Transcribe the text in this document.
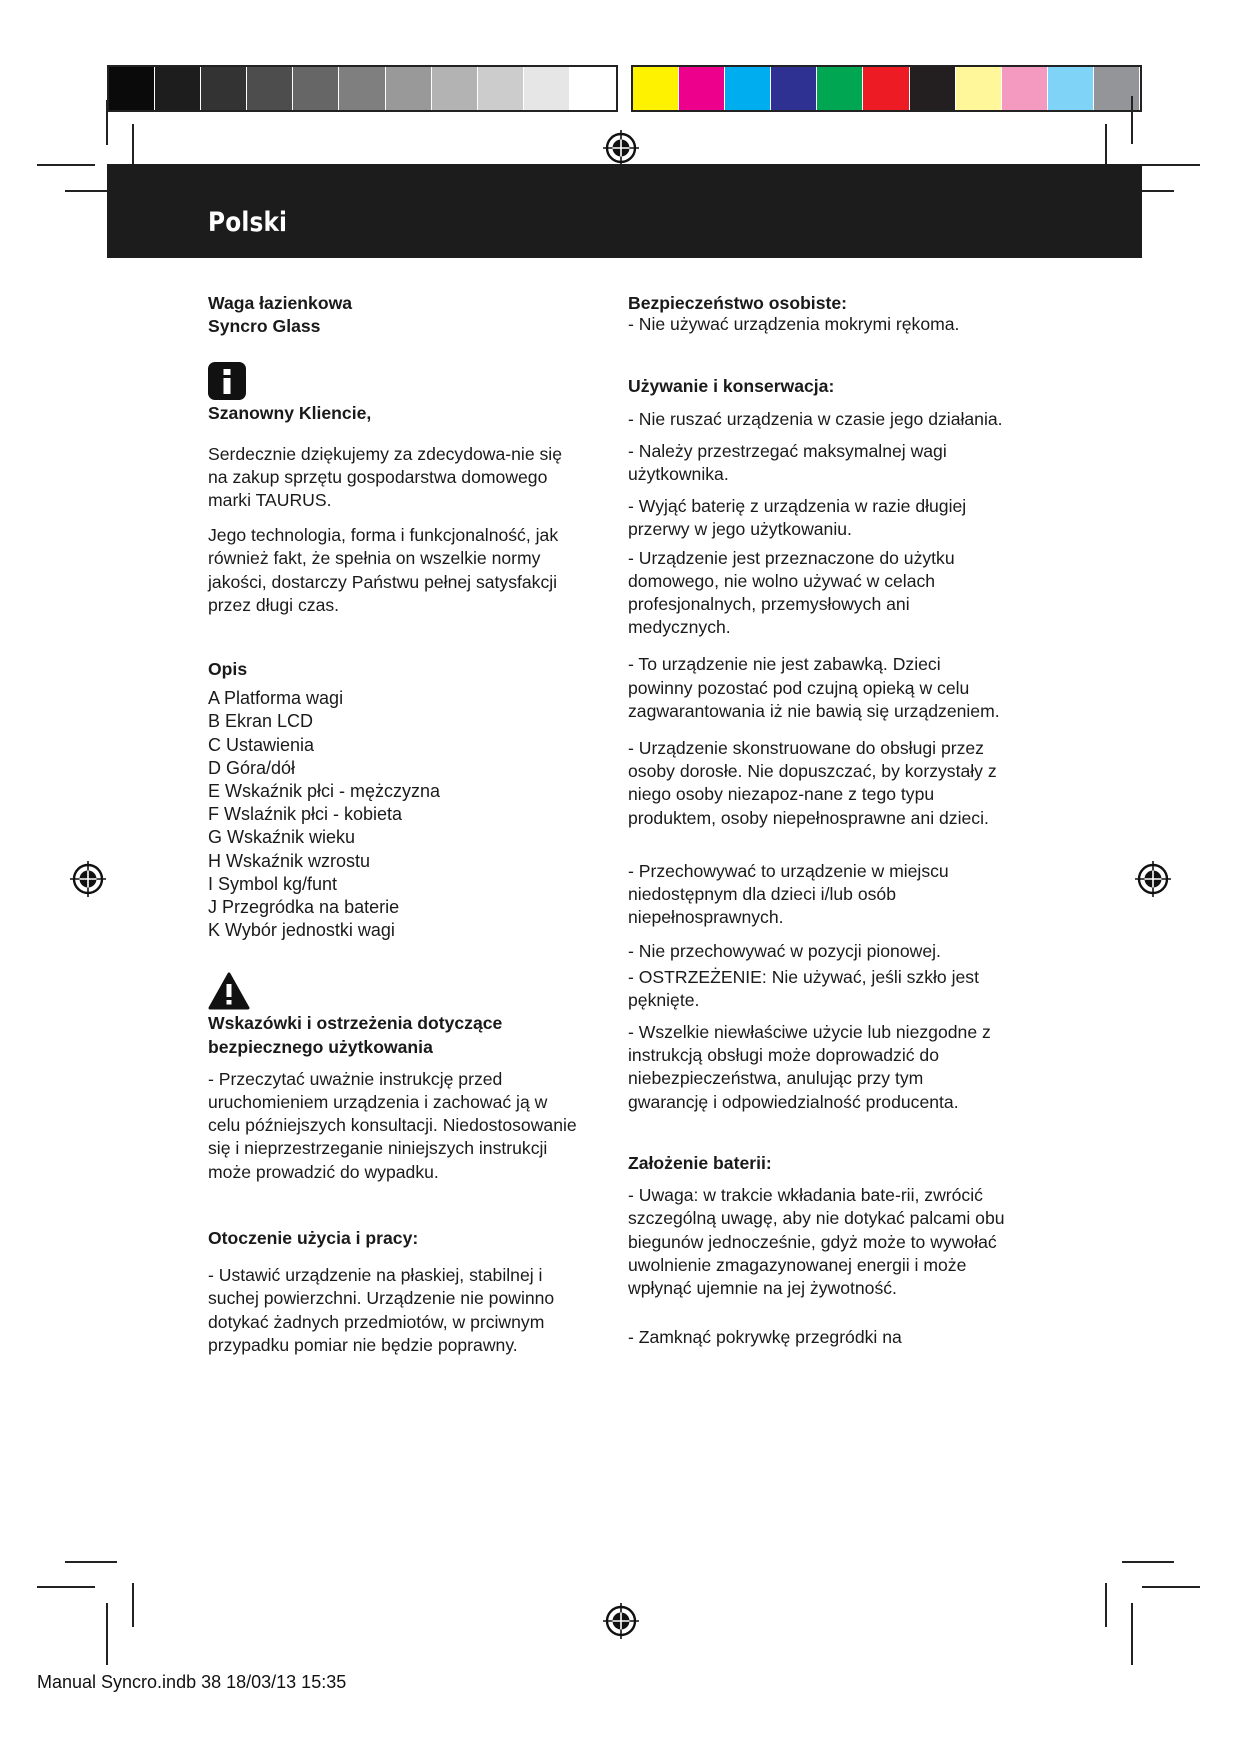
Polski

Waga łazienkowa

Syncro Glass

Szanowny Kliencie,

Serdecznie dziękujemy za zdecydowa-nie się na zakup sprzętu gospodarstwa domowego marki TAURUS.

Jego technologia, forma i funkcjonalność, jak również fakt, że spełnia on wszelkie normy jakości, dostarczy Państwu pełnej satysfakcji przez długi czas.

Opis

A Platforma wagi

B Ekran LCD

C Ustawienia

D Góra/dół

E Wskaźnik płci - mężczyzna

F Wslaźnik płci - kobieta

G Wskaźnik wieku

H Wskaźnik wzrostu

I Symbol kg/funt

J Przegródka na baterie

K Wybór jednostki wagi

Wskazówki i ostrzeżenia dotyczące bezpiecznego użytkowania

- Przeczytać uważnie instrukcję przed uruchomieniem urządzenia i zachować ją w celu późniejszych konsultacji. Niedostosowanie się i nieprzestrzeganie niniejszych instrukcji może prowadzić do wypadku.

Otoczenie użycia i pracy:

- Ustawić urządzenie na płaskiej, stabilnej i suchej powierzchni. Urządzenie nie powinno dotykać żadnych przedmiotów, w prciwnym przypadku pomiar nie będzie poprawny.

Bezpieczeństwo osobiste:

- Nie używać urządzenia mokrymi rękoma.

Używanie i konserwacja:

- Nie ruszać urządzenia w czasie jego działania.

- Należy przestrzegać maksymalnej wagi użytkownika.

- Wyjąć baterię z urządzenia w razie długiej przerwy w jego użytkowaniu.

- Urządzenie jest przeznaczone do użytku domowego, nie wolno używać w celach profesjonalnych, przemysłowych ani medycznych.

- To urządzenie nie jest zabawką. Dzieci powinny pozostać pod czujną opieką w celu zagwarantowania iż nie bawią się urządzeniem.

- Urządzenie skonstruowane do obsługi przez osoby dorosłe. Nie dopuszczać, by korzystały z niego osoby niezapoz-nane z tego typu produktem, osoby niepełnosprawne ani dzieci.

- Przechowywać to urządzenie w miejscu niedostępnym dla dzieci i/lub osób niepełnosprawnych.

- Nie przechowywać w pozycji pionowej.

- OSTRZEŻENIE: Nie używać, jeśli szkło jest pęknięte.

- Wszelkie niewłaściwe użycie lub niezgodne z instrukcją obsługi może doprowadzić do niebezpieczeństwa, anulując przy tym gwarancję i odpowiedzialność producenta.

Założenie baterii:

- Uwaga: w trakcie wkładania bate-rii, zwrócić szczególną uwagę, aby nie dotykać palcami obu biegunów jednocześnie, gdyż może to wywołać uwolnienie zmagazynowanej energii i może wpłynąć ujemnie na jej żywotność.

- Zamknąć pokrywkę przegródki na

Manual Syncro.indb 38 18/03/13 15:35
